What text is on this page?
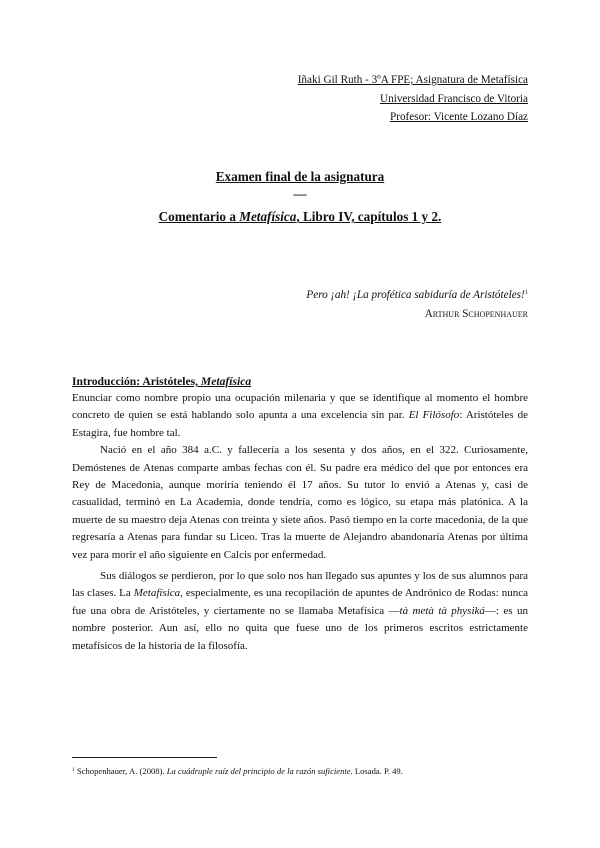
Iñaki Gil Ruth - 3ºA FPE; Asignatura de Metafísica
Universidad Francisco de Vitoria
Profesor: Vicente Lozano Díaz
Examen final de la asignatura
—
Comentario a Metafísica, Libro IV, capítulos 1 y 2.
Pero ¡ah! ¡La profética sabiduría de Aristóteles!$^1$
Arthur Schopenhauer
Introducción: Aristóteles, Metafísica

Enunciar como nombre propio una ocupación milenaria y que se identifique al momento el hombre concreto de quien se está hablando solo apunta a una excelencia sin par. El Filósofo: Aristóteles de Estagira, fue hombre tal.

Nació en el año 384 a.C. y fallecería a los sesenta y dos años, en el 322. Curiosamente, Demóstenes de Atenas comparte ambas fechas con él. Su padre era médico del que por entonces era Rey de Macedonia, aunque moriría teniendo él 17 años. Su tutor lo envió a Atenas y, casi de casualidad, terminó en La Academia, donde tendría, como es lógico, su etapa más platónica. A la muerte de su maestro deja Atenas con treinta y siete años. Pasó tiempo en la corte macedonia, de la que regresaría a Atenas para fundar su Liceo. Tras la muerte de Alejandro abandonaría Atenas por última vez para morir el año siguiente en Calcis por enfermedad.

Sus diálogos se perdieron, por lo que solo nos han llegado sus apuntes y los de sus alumnos para las clases. La Metafísica, especialmente, es una recopilación de apuntes de Andrónico de Rodas: nunca fue una obra de Aristóteles, y ciertamente no se llamaba Metafísica —tà metà tà physiká—: es un nombre posterior. Aun así, ello no quita que fuese uno de los primeros escritos estrictamente metafísicos de la historia de la filosofía.

$^1$ Schopenhauer, A. (2008). La cuádruple raíz del principio de la razón suficiente. Losada. P. 49.
